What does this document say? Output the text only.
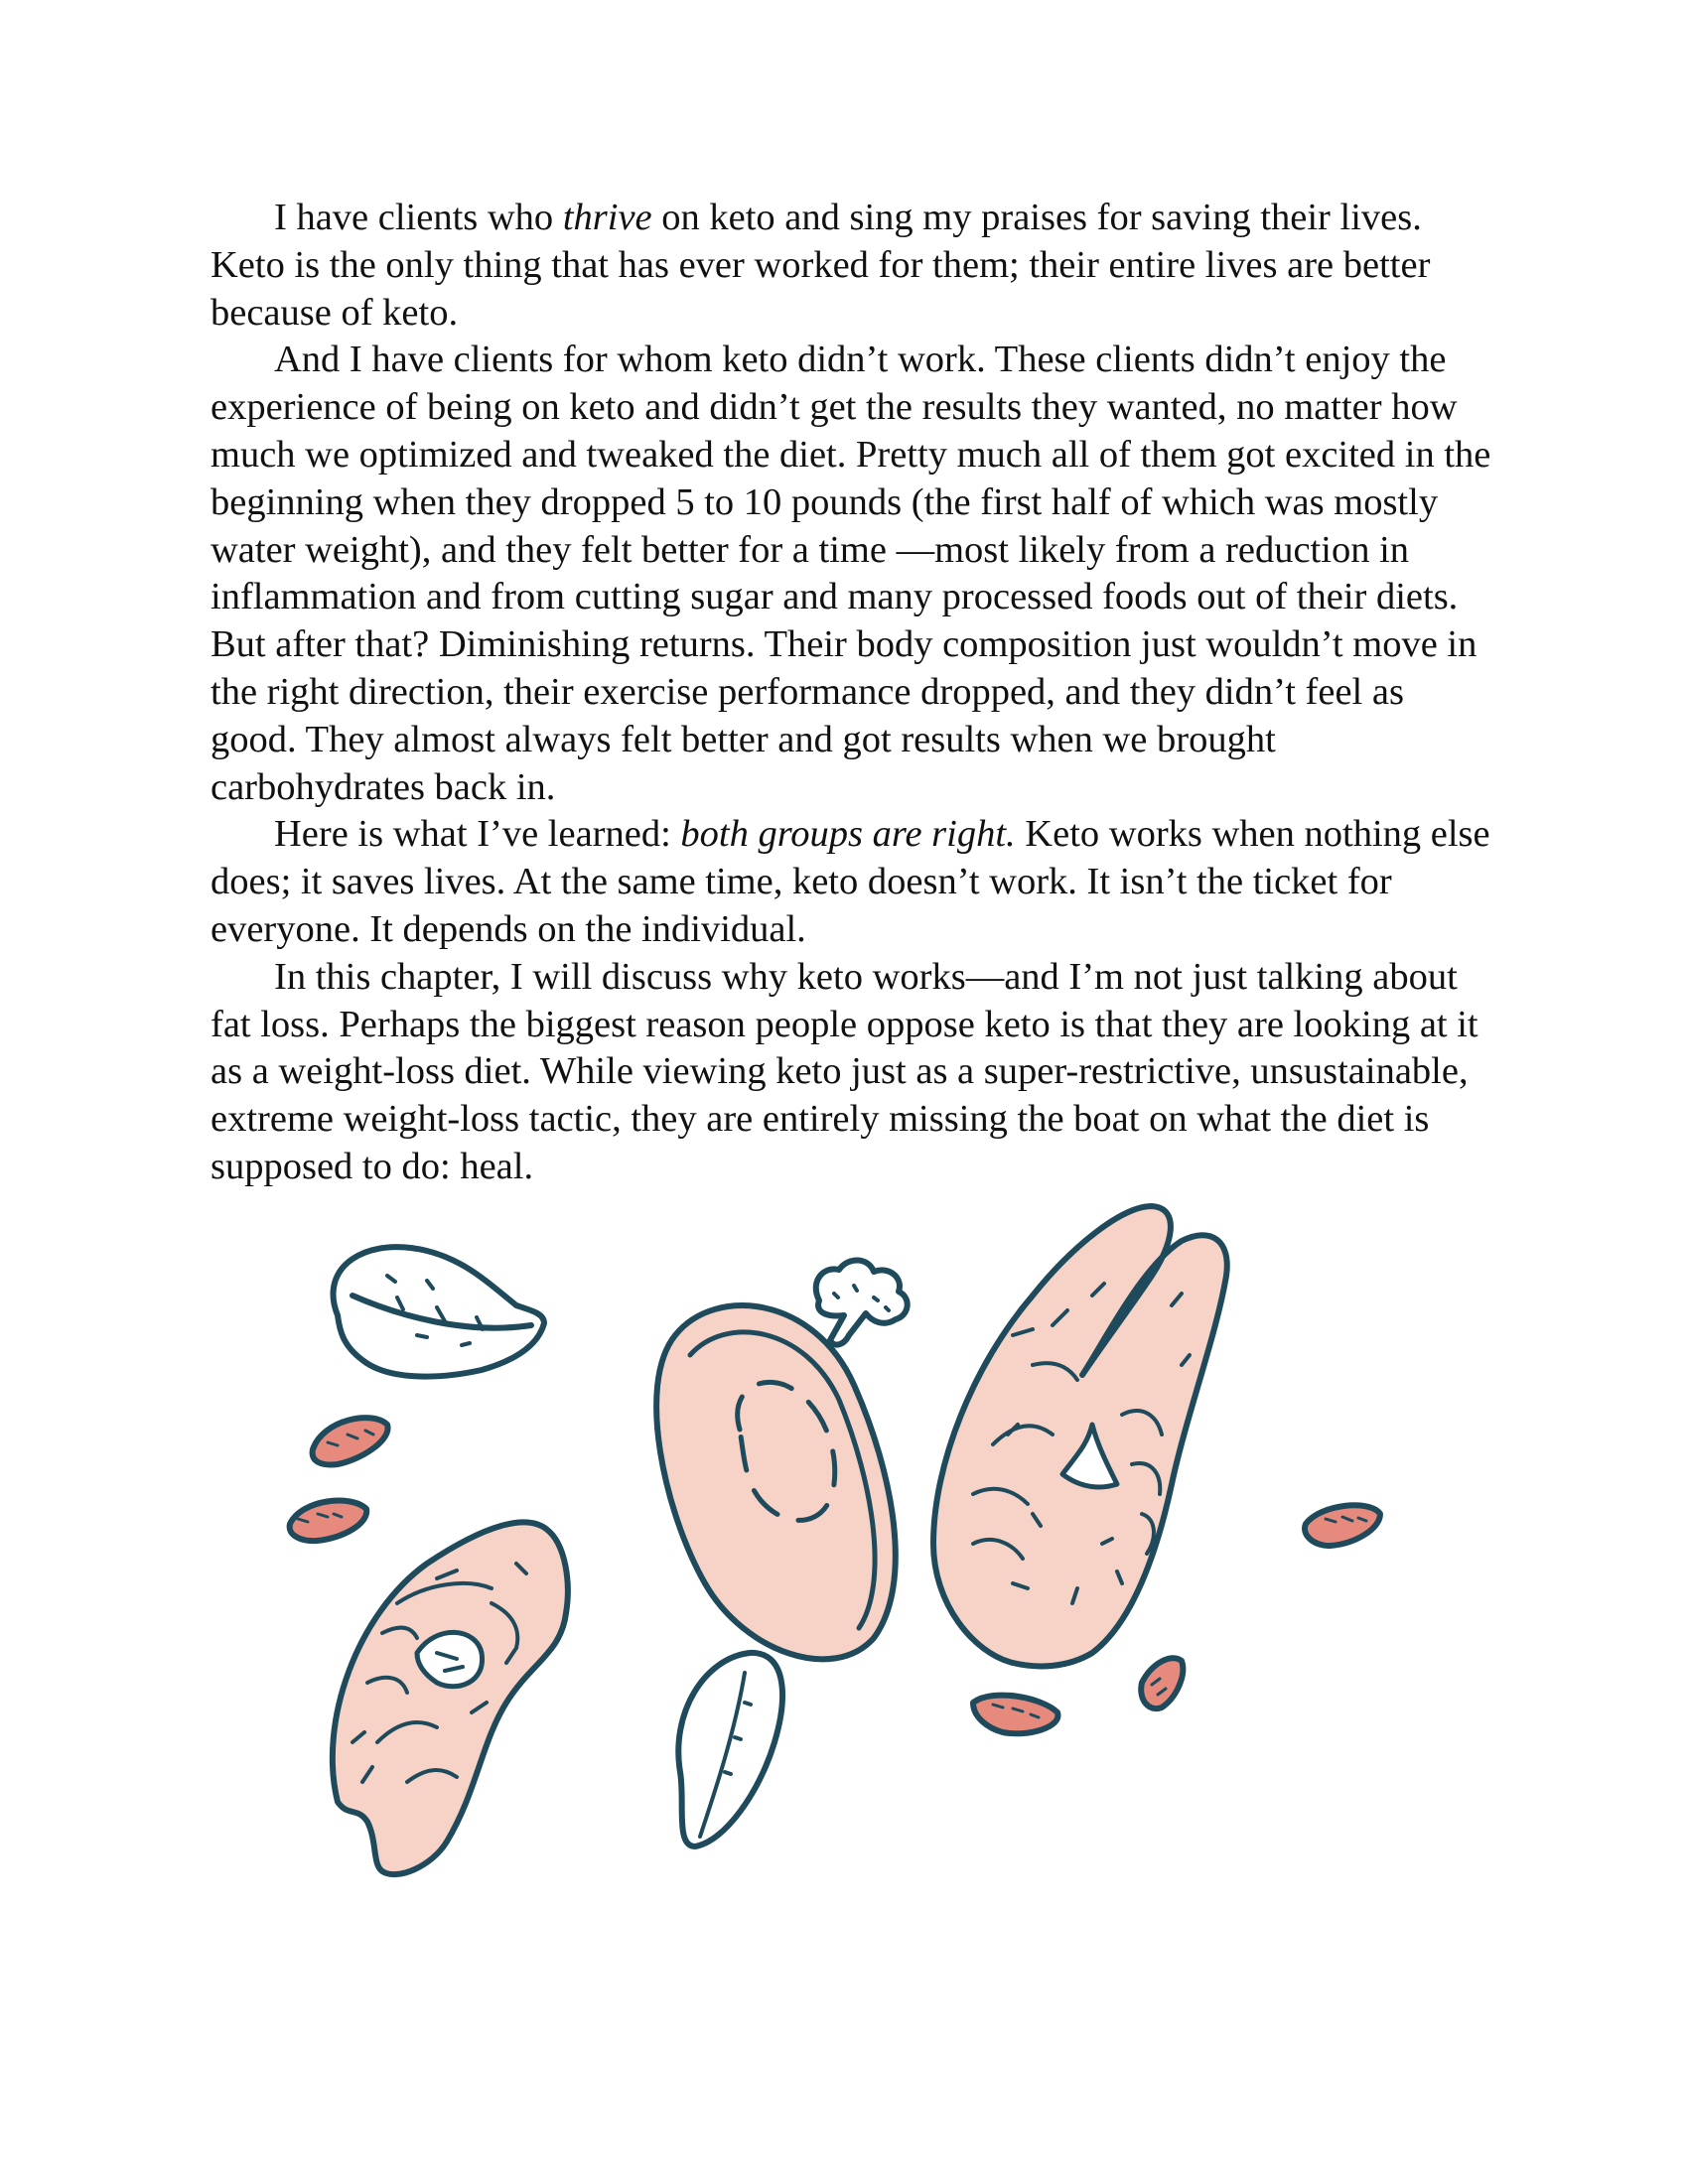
I have clients who thrive on keto and sing my praises for saving their lives. Keto is the only thing that has ever worked for them; their entire lives are better because of keto.

And I have clients for whom keto didn’t work. These clients didn’t enjoy the experience of being on keto and didn’t get the results they wanted, no matter how much we optimized and tweaked the diet. Pretty much all of them got excited in the beginning when they dropped 5 to 10 pounds (the first half of which was mostly water weight), and they felt better for a time —most likely from a reduction in inflammation and from cutting sugar and many processed foods out of their diets. But after that? Diminishing returns. Their body composition just wouldn’t move in the right direction, their exercise performance dropped, and they didn’t feel as good. They almost always felt better and got results when we brought carbohydrates back in.

Here is what I’ve learned: both groups are right. Keto works when nothing else does; it saves lives. At the same time, keto doesn’t work. It isn’t the ticket for everyone. It depends on the individual.

In this chapter, I will discuss why keto works—and I’m not just talking about fat loss. Perhaps the biggest reason people oppose keto is that they are looking at it as a weight-loss diet. While viewing keto just as a super-restrictive, unsustainable, extreme weight-loss tactic, they are entirely missing the boat on what the diet is supposed to do: heal.
